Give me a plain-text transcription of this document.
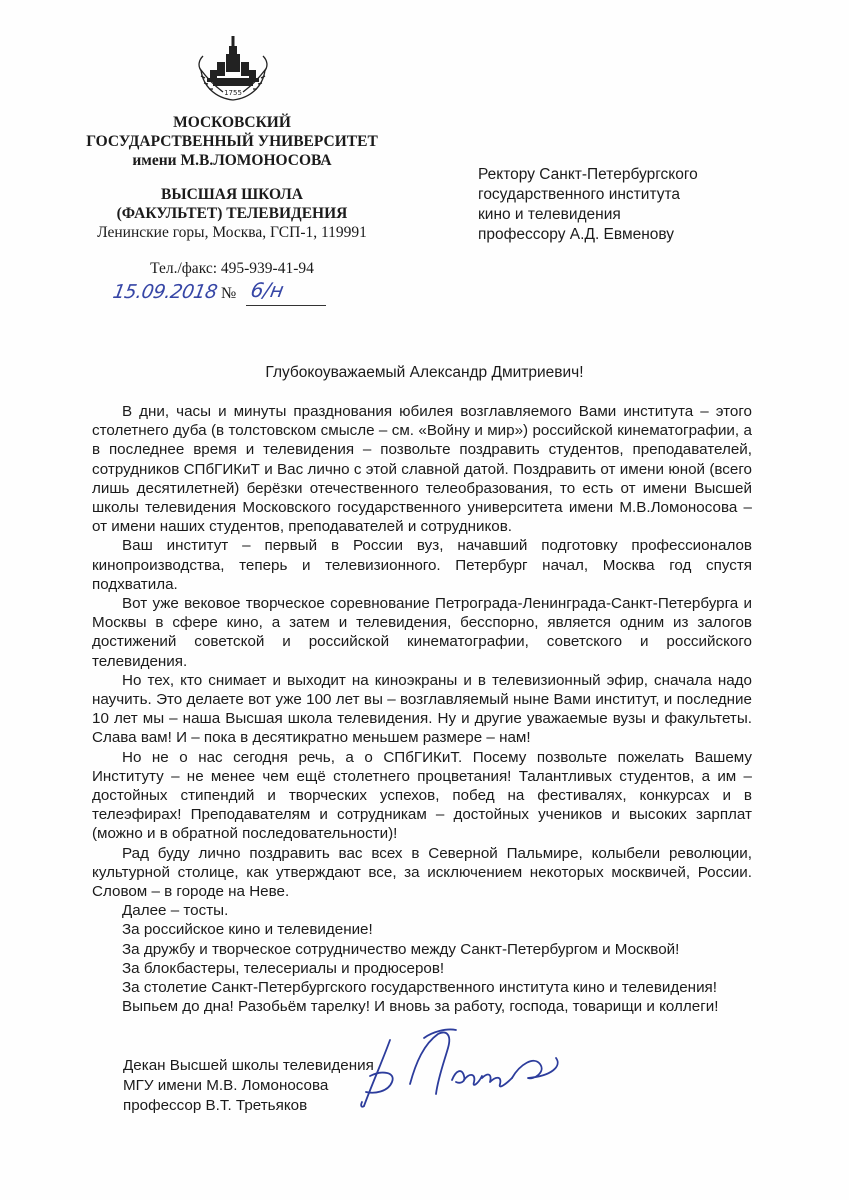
1755
МОСКОВСКИЙ
ГОСУДАРСТВЕННЫЙ УНИВЕРСИТЕТ
имени М.В.ЛОМОНОСОВА
ВЫСШАЯ ШКОЛА
(ФАКУЛЬТЕТ) ТЕЛЕВИДЕНИЯ
Ленинские горы, Москва, ГСП-1, 119991
Тел./факс: 495-939-41-94
15.09.2018 № 6/н
Ректору Санкт-Петербургского
государственного института
кино и телевидения
профессору А.Д. Евменову
Глубокоуважаемый Александр Дмитриевич!

В дни, часы и минуты празднования юбилея возглавляемого Вами института – этого столетнего дуба (в толстовском смысле – см. «Войну и мир») российской кинематографии, а в последнее время и телевидения – позвольте поздравить студентов, преподавателей, сотрудников СПбГИКиТ и Вас лично с этой славной датой. Поздравить от имени юной (всего лишь десятилетней) берёзки отечественного телеобразования, то есть от имени Высшей школы телевидения Московского государственного университета имени М.В.Ломоносова – от имени наших студентов, преподавателей и сотрудников.

Ваш институт – первый в России вуз, начавший подготовку профессионалов кинопроизводства, теперь и телевизионного. Петербург начал, Москва год спустя подхватила.

Вот уже вековое творческое соревнование Петрограда-Ленинграда-Санкт-Петербурга и Москвы в сфере кино, а затем и телевидения, бесспорно, является одним из залогов достижений советской и российской кинематографии, советского и российского телевидения.

Но тех, кто снимает и выходит на киноэкраны и в телевизионный эфир, сначала надо научить. Это делаете вот уже 100 лет вы – возглавляемый ныне Вами институт, и последние 10 лет мы – наша Высшая школа телевидения. Ну и другие уважаемые вузы и факультеты. Слава вам! И – пока в десятикратно меньшем размере – нам!

Но не о нас сегодня речь, а о СПбГИКиТ. Посему позвольте пожелать Вашему Институту – не менее чем ещё столетнего процветания! Талантливых студентов, а им – достойных стипендий и творческих успехов, побед на фестивалях, конкурсах и в телеэфирах! Преподавателям и сотрудникам – достойных учеников и высоких зарплат (можно и в обратной последовательности)!

Рад буду лично поздравить вас всех в Северной Пальмире, колыбели революции, культурной столице, как утверждают все, за исключением некоторых москвичей, России. Словом – в городе на Неве.

Далее – тосты.

За российское кино и телевидение!

За дружбу и творческое сотрудничество между Санкт-Петербургом и Москвой!

За блокбастеры, телесериалы и продюсеров!

За столетие Санкт-Петербургского государственного института кино и телевидения!

Выпьем до дна! Разобьём тарелку! И вновь за работу, господа, товарищи и коллеги!

Декан Высшей школы телевидения
МГУ имени М.В. Ломоносова
профессор В.Т. Третьяков
